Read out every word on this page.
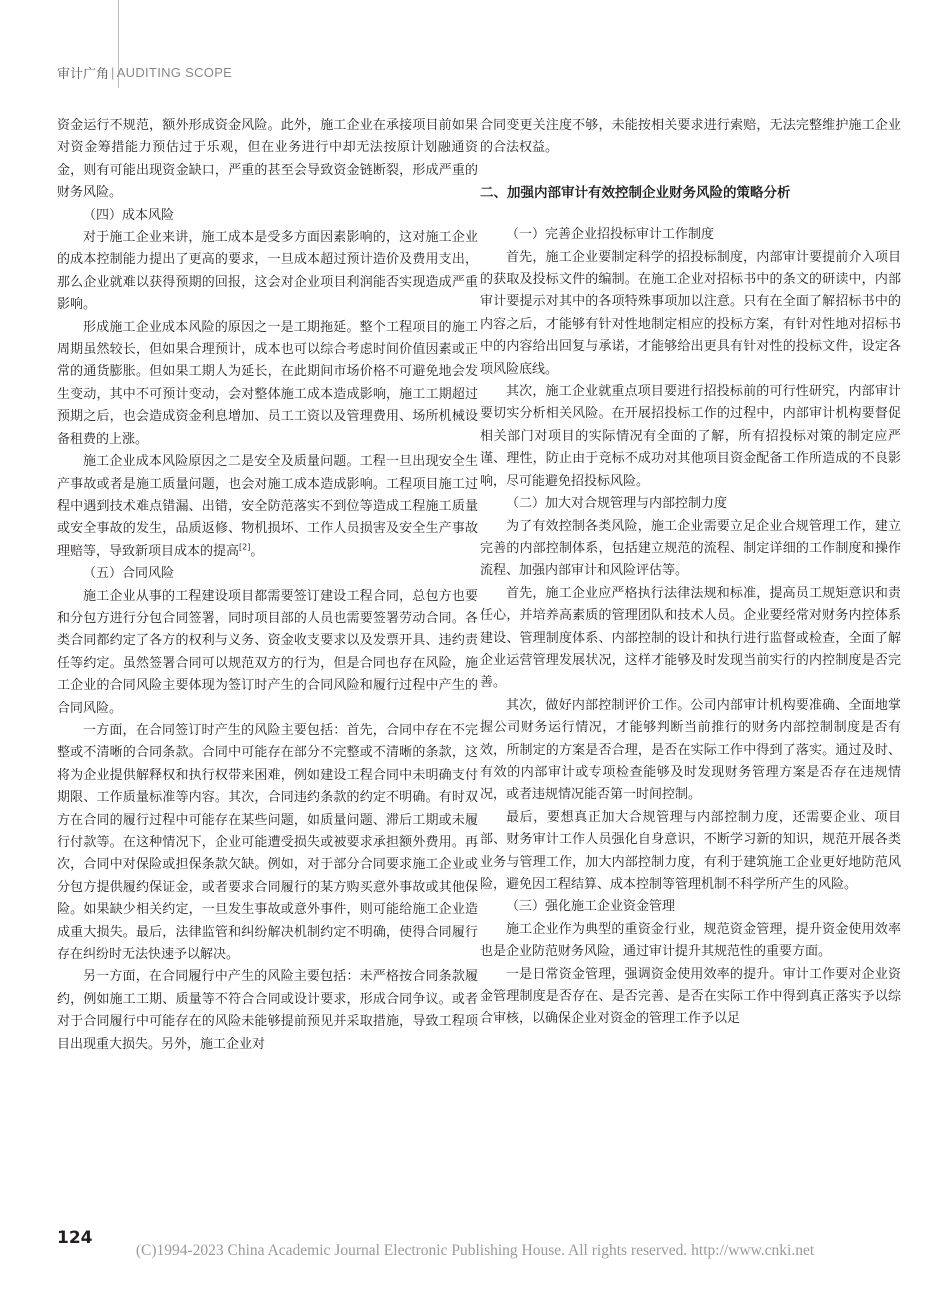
审计广角 | AUDITING SCOPE

资金运行不规范，额外形成资金风险。此外，施工企业在承接项目前如果对资金筹措能力预估过于乐观，但在业务进行中却无法按原计划融通资金，则有可能出现资金缺口，严重的甚至会导致资金链断裂，形成严重的财务风险。

（四）成本风险

对于施工企业来讲，施工成本是受多方面因素影响的，这对施工企业的成本控制能力提出了更高的要求，一旦成本超过预计造价及费用支出，那么企业就难以获得预期的回报，这会对企业项目利润能否实现造成严重影响。

形成施工企业成本风险的原因之一是工期拖延。整个工程项目的施工周期虽然较长，但如果合理预计，成本也可以综合考虑时间价值因素或正常的通货膨胀。但如果工期人为延长，在此期间市场价格不可避免地会发生变动，其中不可预计变动，会对整体施工成本造成影响，施工工期超过预期之后，也会造成资金利息增加、员工工资以及管理费用、场所机械设备租费的上涨。

施工企业成本风险原因之二是安全及质量问题。工程一旦出现安全生产事故或者是施工质量问题，也会对施工成本造成影响。工程项目施工过程中遇到技术难点错漏、出错，安全防范落实不到位等造成工程施工质量或安全事故的发生，品质返修、物机损坏、工作人员损害及安全生产事故理赔等，导致新项目成本的提高[2]。

（五）合同风险

施工企业从事的工程建设项目都需要签订建设工程合同，总包方也要和分包方进行分包合同签署，同时项目部的人员也需要签署劳动合同。各类合同都约定了各方的权利与义务、资金收支要求以及发票开具、违约责任等约定。虽然签署合同可以规范双方的行为，但是合同也存在风险，施工企业的合同风险主要体现为签订时产生的合同风险和履行过程中产生的合同风险。

一方面，在合同签订时产生的风险主要包括：首先，合同中存在不完整或不清晰的合同条款。合同中可能存在部分不完整或不清晰的条款，这将为企业提供解释权和执行权带来困难，例如建设工程合同中未明确支付期限、工作质量标准等内容。其次，合同违约条款的约定不明确。有时双方在合同的履行过程中可能存在某些问题，如质量问题、滞后工期或未履行付款等。在这种情况下，企业可能遭受损失或被要求承担额外费用。再次，合同中对保险或担保条款欠缺。例如，对于部分合同要求施工企业或分包方提供履约保证金，或者要求合同履行的某方购买意外事故或其他保险。如果缺少相关约定，一旦发生事故或意外事件，则可能给施工企业造成重大损失。最后，法律监管和纠纷解决机制约定不明确，使得合同履行存在纠纷时无法快速予以解决。

另一方面，在合同履行中产生的风险主要包括：未严格按合同条款履约，例如施工工期、质量等不符合合同或设计要求，形成合同争议。或者对于合同履行中可能存在的风险未能够提前预见并采取措施，导致工程项目出现重大损失。另外，施工企业对

合同变更关注度不够，未能按相关要求进行索赔，无法完整维护施工企业的合法权益。

二、加强内部审计有效控制企业财务风险的策略分析
（一）完善企业招投标审计工作制度

首先，施工企业要制定科学的招投标制度，内部审计要提前介入项目的获取及投标文件的编制。在施工企业对招标书中的条文的研读中，内部审计要提示对其中的各项特殊事项加以注意。只有在全面了解招标书中的内容之后，才能够有针对性地制定相应的投标方案，有针对性地对招标书中的内容给出回复与承诺，才能够给出更具有针对性的投标文件，设定各项风险底线。

其次，施工企业就重点项目要进行招投标前的可行性研究，内部审计要切实分析相关风险。在开展招投标工作的过程中，内部审计机构要督促相关部门对项目的实际情况有全面的了解，所有招投标对策的制定应严谨、理性，防止由于竞标不成功对其他项目资金配备工作所造成的不良影响，尽可能避免招投标风险。

（二）加大对合规管理与内部控制力度

为了有效控制各类风险，施工企业需要立足企业合规管理工作，建立完善的内部控制体系，包括建立规范的流程、制定详细的工作制度和操作流程、加强内部审计和风险评估等。

首先，施工企业应严格执行法律法规和标准，提高员工规矩意识和责任心，并培养高素质的管理团队和技术人员。企业要经常对财务内控体系建设、管理制度体系、内部控制的设计和执行进行监督或检查，全面了解企业运营管理发展状况，这样才能够及时发现当前实行的内控制度是否完善。

其次，做好内部控制评价工作。公司内部审计机构要准确、全面地掌握公司财务运行情况，才能够判断当前推行的财务内部控制制度是否有效，所制定的方案是否合理，是否在实际工作中得到了落实。通过及时、有效的内部审计或专项检查能够及时发现财务管理方案是否存在违规情况，或者违规情况能否第一时间控制。

最后，要想真正加大合规管理与内部控制力度，还需要企业、项目部、财务审计工作人员强化自身意识，不断学习新的知识，规范开展各类业务与管理工作，加大内部控制力度，有利于建筑施工企业更好地防范风险，避免因工程结算、成本控制等管理机制不科学所产生的风险。

（三）强化施工企业资金管理

施工企业作为典型的重资金行业，规范资金管理，提升资金使用效率也是企业防范财务风险，通过审计提升其规范性的重要方面。

一是日常资金管理，强调资金使用效率的提升。审计工作要对企业资金管理制度是否存在、是否完善、是否在实际工作中得到真正落实予以综合审核，以确保企业对资金的管理工作予以足

124
(C)1994-2023 China Academic Journal Electronic Publishing House. All rights reserved. http://www.cnki.net
